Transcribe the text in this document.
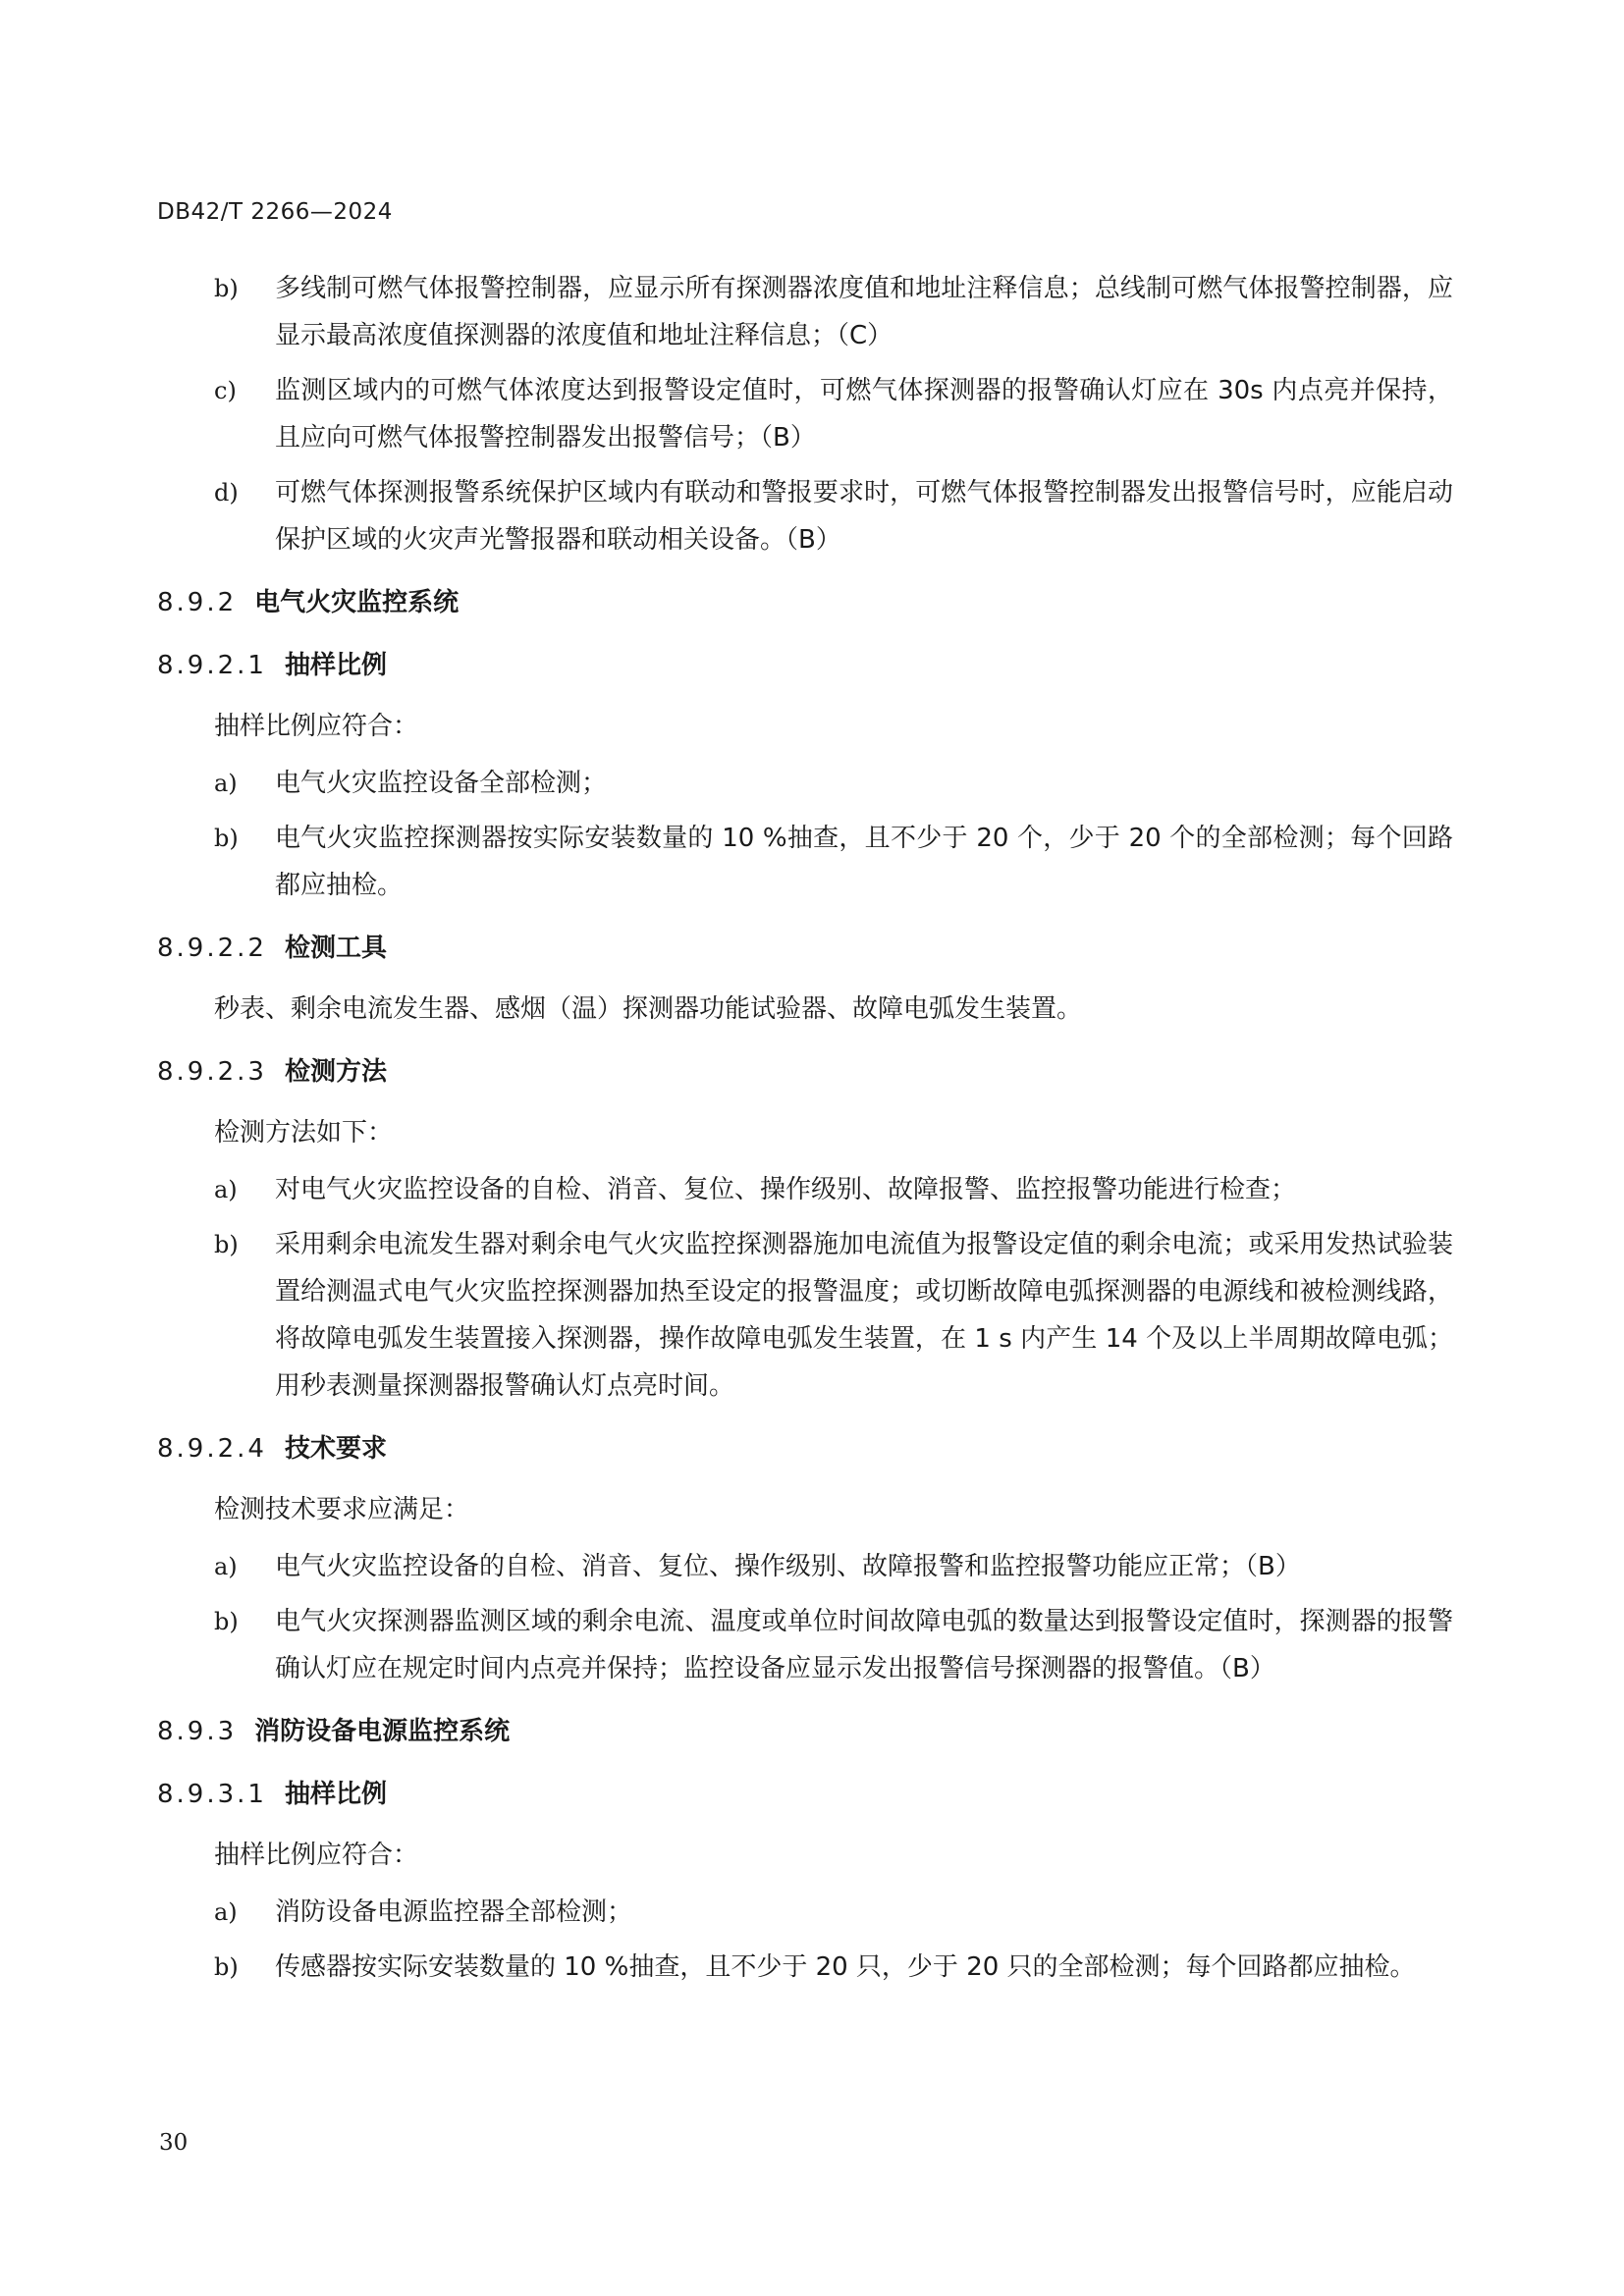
DB42/T 2266—2024
b) 多线制可燃气体报警控制器，应显示所有探测器浓度值和地址注释信息；总线制可燃气体报警控制器，应显示最高浓度值探测器的浓度值和地址注释信息；（C）
c) 监测区域内的可燃气体浓度达到报警设定值时，可燃气体探测器的报警确认灯应在 30s 内点亮并保持，且应向可燃气体报警控制器发出报警信号；（B）
d) 可燃气体探测报警系统保护区域内有联动和警报要求时，可燃气体报警控制器发出报警信号时，应能启动保护区域的火灾声光警报器和联动相关设备。（B）
8.9.2 电气火灾监控系统
8.9.2.1 抽样比例
抽样比例应符合：
a) 电气火灾监控设备全部检测；
b) 电气火灾监控探测器按实际安装数量的 10 %抽查，且不少于 20 个，少于 20 个的全部检测；每个回路都应抽检。
8.9.2.2 检测工具
秒表、剩余电流发生器、感烟（温）探测器功能试验器、故障电弧发生装置。
8.9.2.3 检测方法
检测方法如下：
a) 对电气火灾监控设备的自检、消音、复位、操作级别、故障报警、监控报警功能进行检查；
b) 采用剩余电流发生器对剩余电气火灾监控探测器施加电流值为报警设定值的剩余电流；或采用发热试验装置给测温式电气火灾监控探测器加热至设定的报警温度；或切断故障电弧探测器的电源线和被检测线路，将故障电弧发生装置接入探测器，操作故障电弧发生装置，在 1 s 内产生 14 个及以上半周期故障电弧；用秒表测量探测器报警确认灯点亮时间。
8.9.2.4 技术要求
检测技术要求应满足：
a) 电气火灾监控设备的自检、消音、复位、操作级别、故障报警和监控报警功能应正常；（B）
b) 电气火灾探测器监测区域的剩余电流、温度或单位时间故障电弧的数量达到报警设定值时，探测器的报警确认灯应在规定时间内点亮并保持；监控设备应显示发出报警信号探测器的报警值。（B）
8.9.3 消防设备电源监控系统
8.9.3.1 抽样比例
抽样比例应符合：
a) 消防设备电源监控器全部检测；
b) 传感器按实际安装数量的 10 %抽查，且不少于 20 只，少于 20 只的全部检测；每个回路都应抽检。
30
